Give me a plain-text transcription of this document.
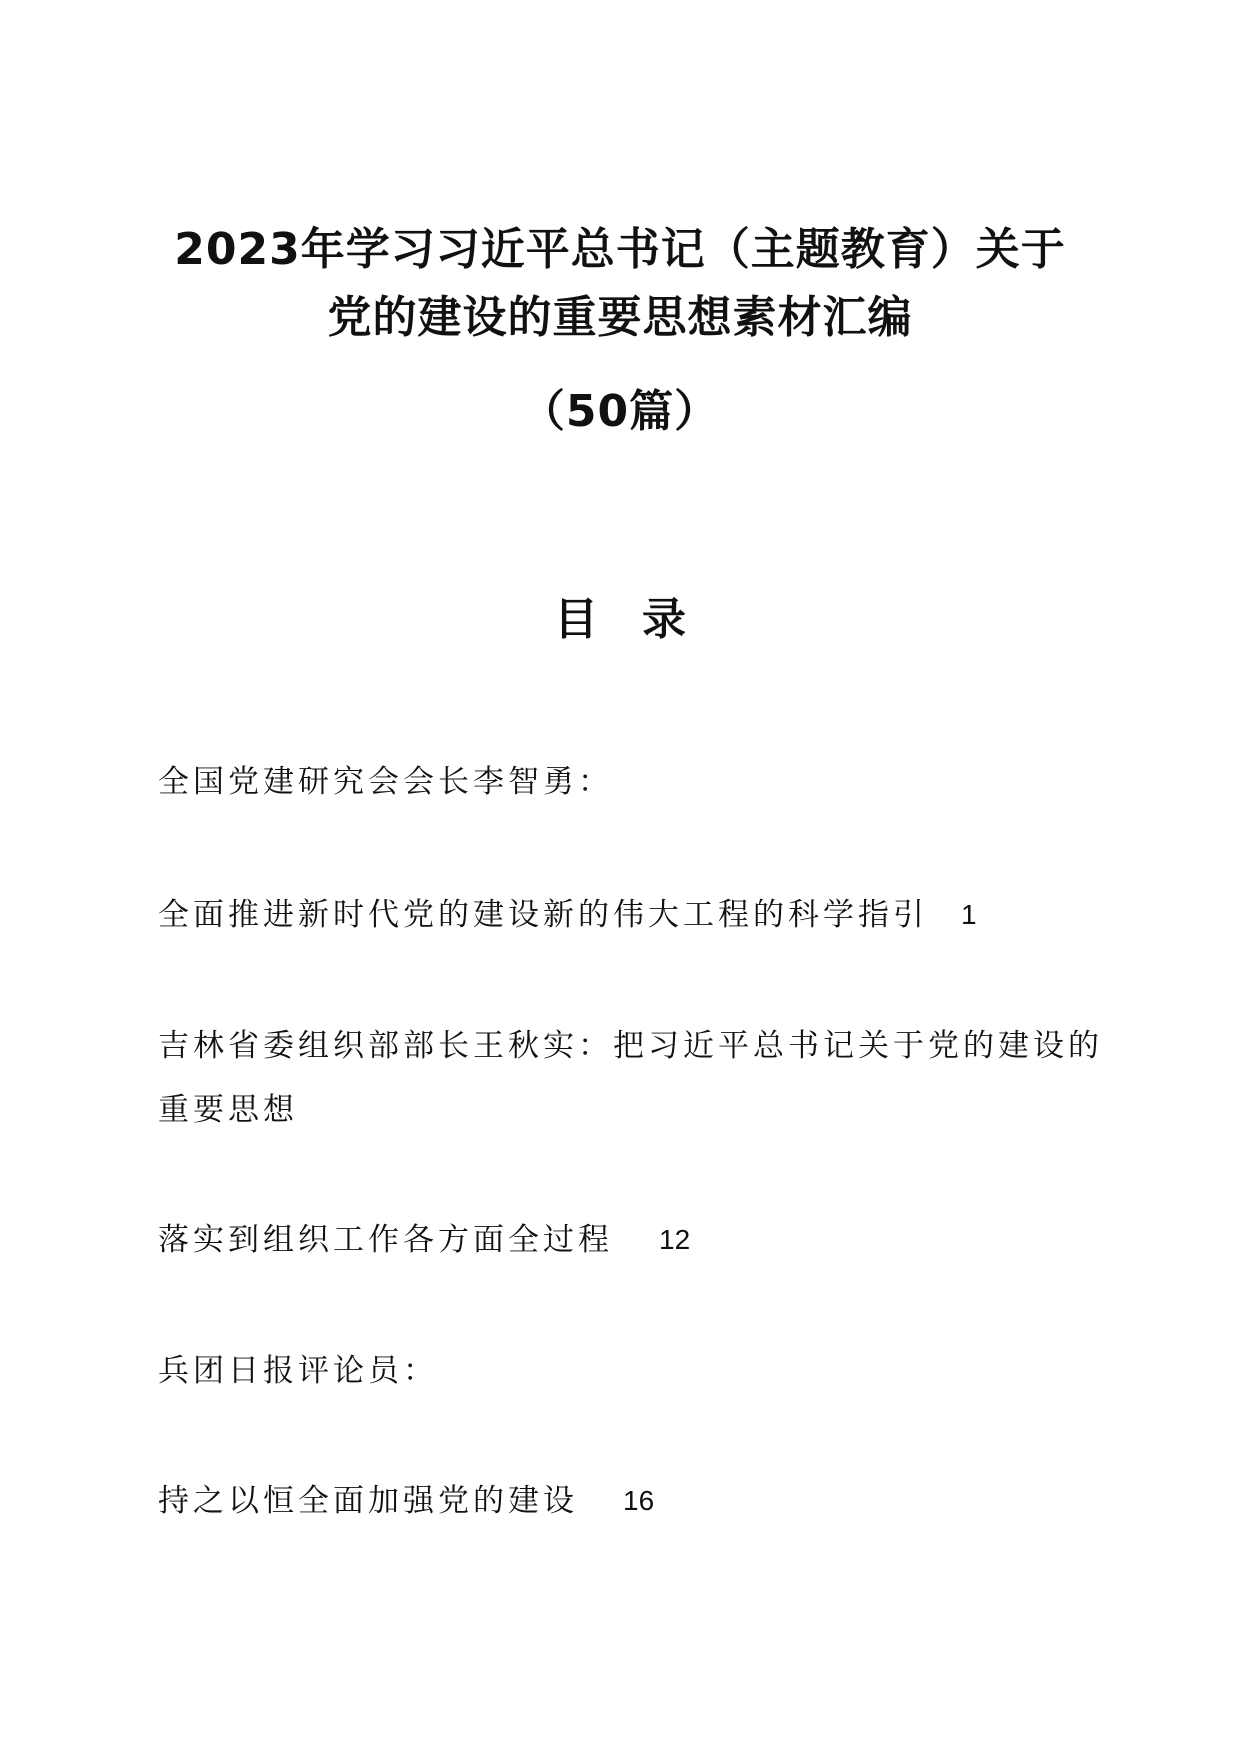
2023年学习习近平总书记（主题教育）关于
党的建设的重要思想素材汇编
（50篇）
目录
全国党建研究会会长李智勇：
全面推进新时代党的建设新的伟大工程的科学指引 1
吉林省委组织部部长王秋实：把习近平总书记关于党的建设的
重要思想
落实到组织工作各方面全过程 12
兵团日报评论员：
持之以恒全面加强党的建设 16
